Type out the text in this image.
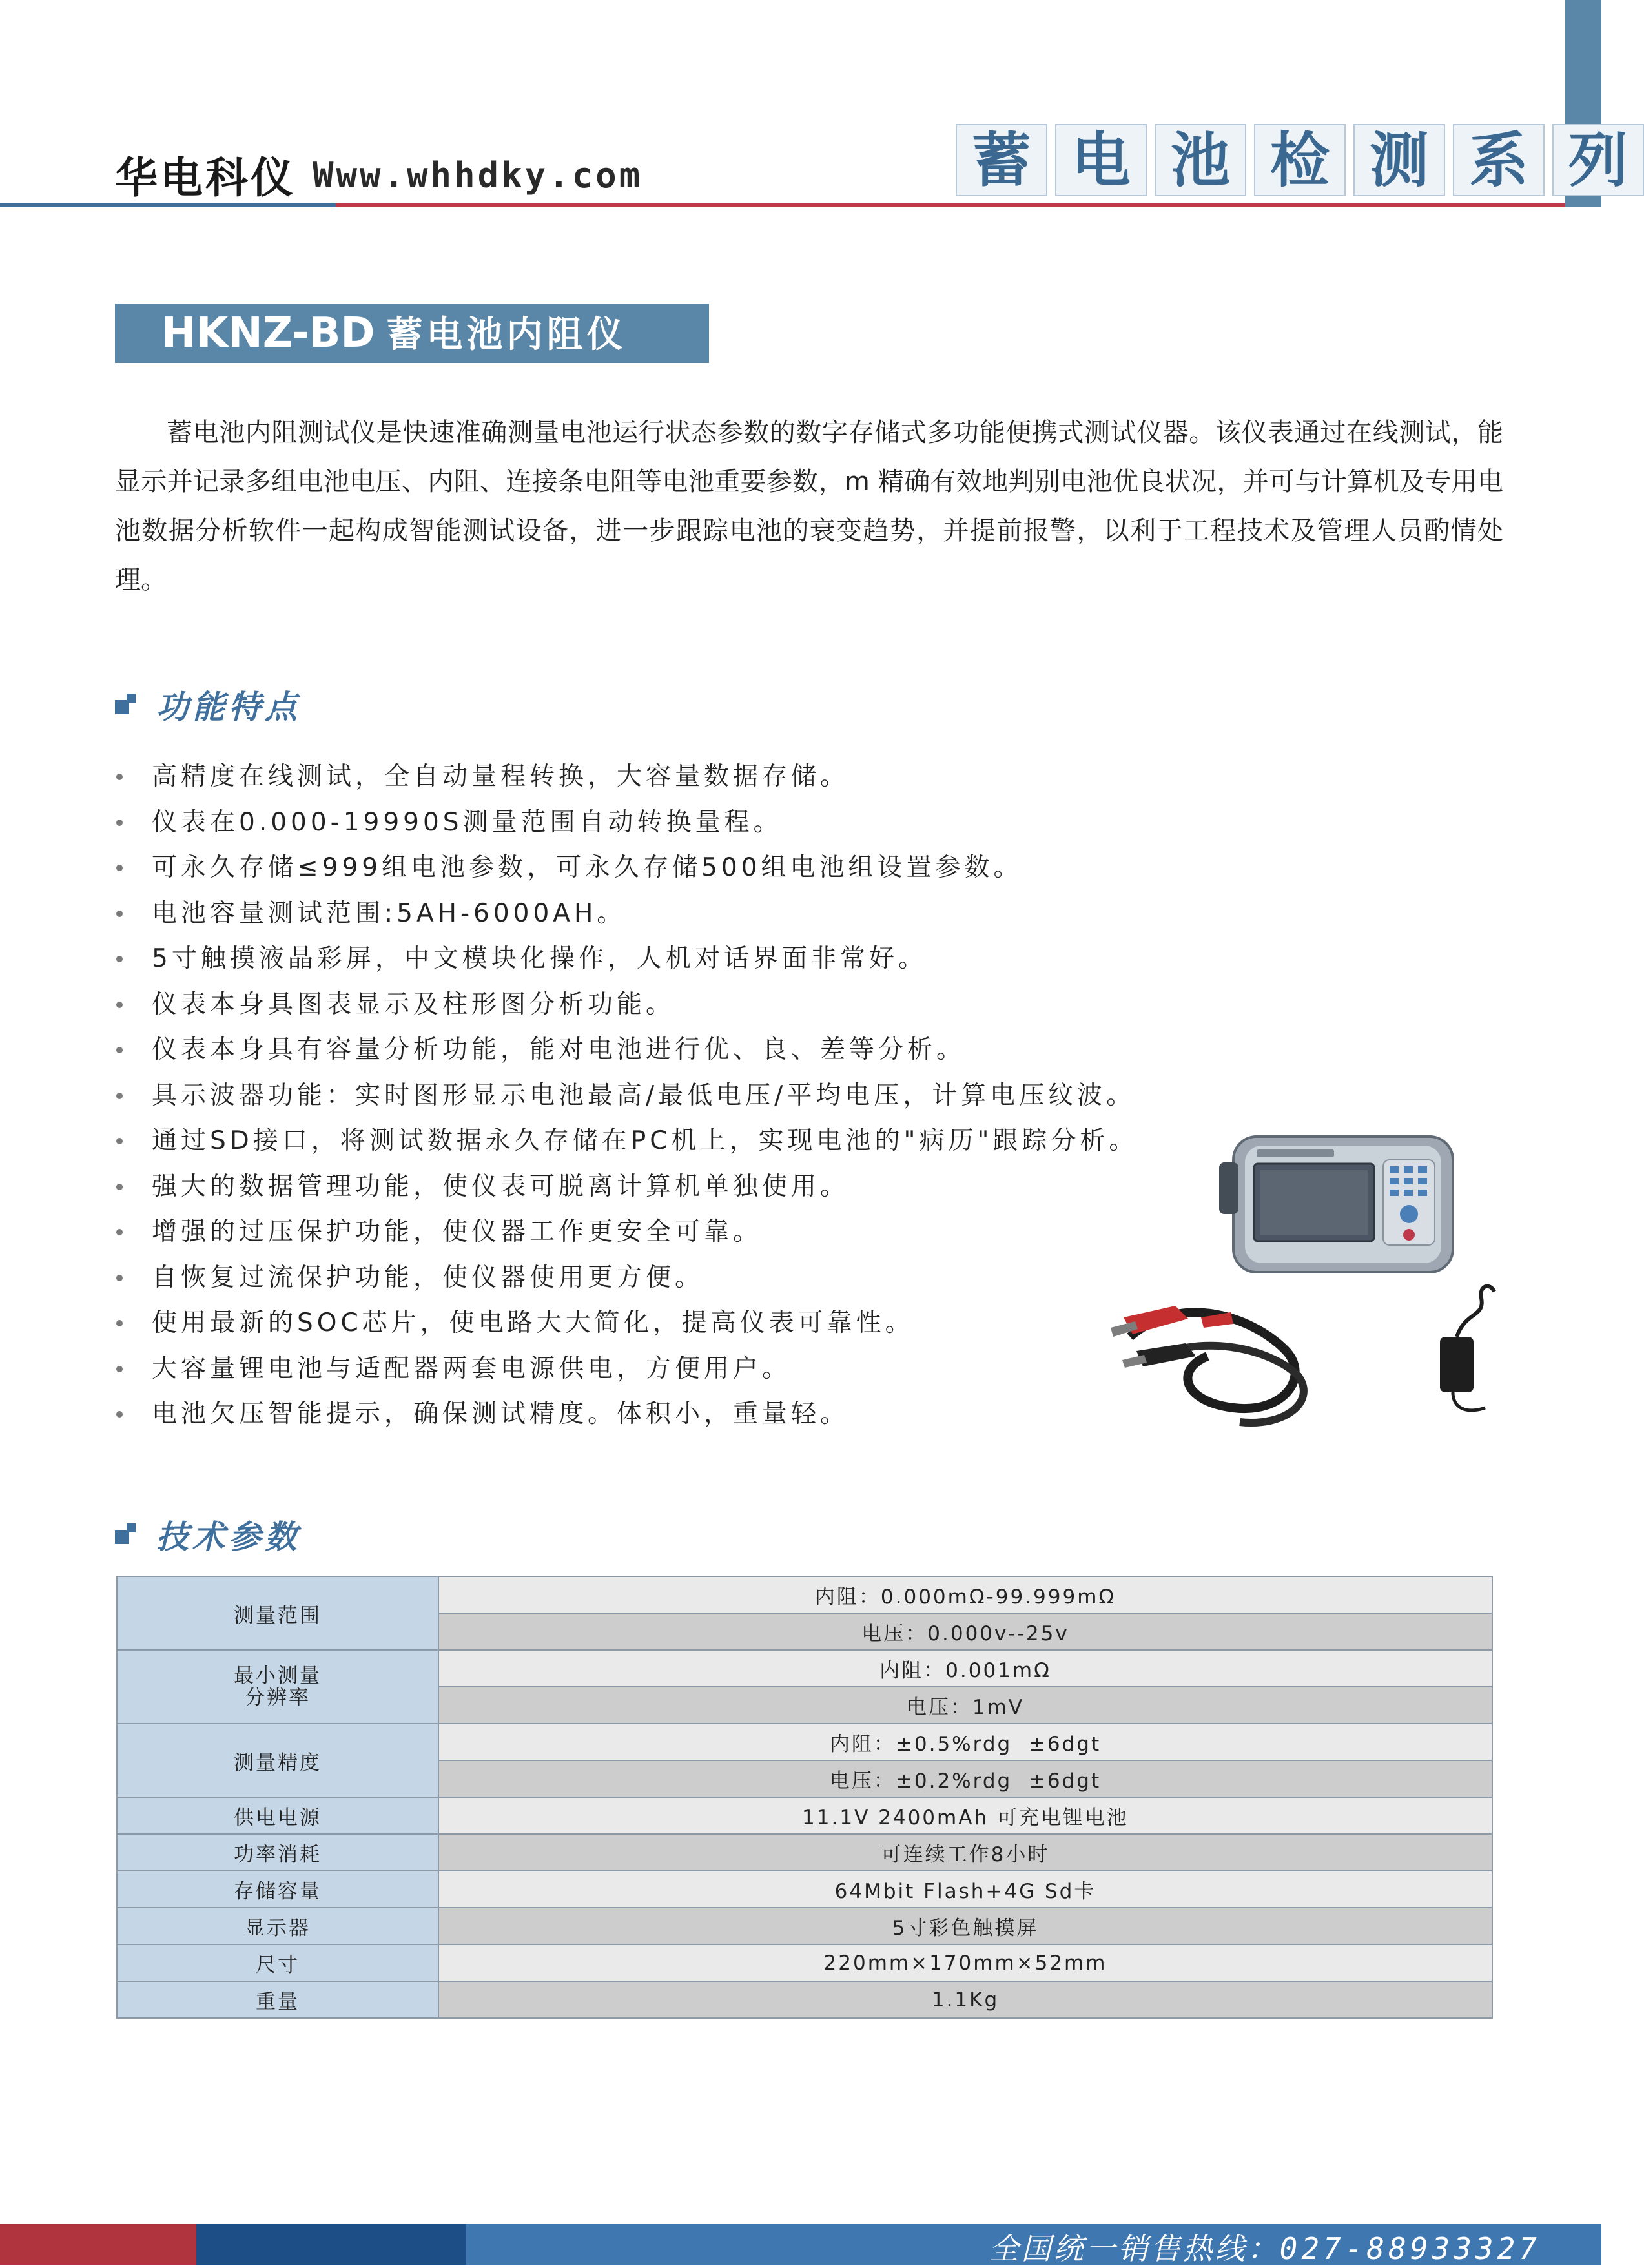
华电科仪 Www.whhdky.com	蓄 电 池 检 测 系 列
HKNZ-BD 蓄电池内阻仪
蓄电池内阻测试仪是快速准确测量电池运行状态参数的数字存储式多功能便携式测试仪器。该仪表通过在线测试，能显示并记录多组电池电压、内阻、连接条电阻等电池重要参数，m 精确有效地判别电池优良状况，并可与计算机及专用电池数据分析软件一起构成智能测试设备，进一步跟踪电池的衰变趋势，并提前报警，以利于工程技术及管理人员酌情处理。
功能特点
高精度在线测试，全自动量程转换，大容量数据存储。
仪表在0.000-19990S测量范围自动转换量程。
可永久存储≤999组电池参数，可永久存储500组电池组设置参数。
电池容量测试范围:5AH-6000AH。
5寸触摸液晶彩屏，中文模块化操作，人机对话界面非常好。
仪表本身具图表显示及柱形图分析功能。
仪表本身具有容量分析功能，能对电池进行优、良、差等分析。
具示波器功能：实时图形显示电池最高/最低电压/平均电压，计算电压纹波。
通过SD接口，将测试数据永久存储在PC机上，实现电池的"病历"跟踪分析。
强大的数据管理功能，使仪表可脱离计算机单独使用。
增强的过压保护功能，使仪器工作更安全可靠。
自恢复过流保护功能，使仪器使用更方便。
使用最新的SOC芯片，使电路大大简化，提高仪表可靠性。
大容量锂电池与适配器两套电源供电，方便用户。
电池欠压智能提示，确保测试精度。体积小，重量轻。
技术参数
测量范围	内阻：0.000mΩ-99.999mΩ
	电压：0.000v--25v

最小测量
分辨率	内阻：0.001mΩ
	电压：1mV
测量精度	内阻：±0.5%rdg  ±6dgt
	电压：±0.2%rdg  ±6dgt
供电电源	11.1V 2400mAh 可充电锂电池
功率消耗	可连续工作8小时
存储容量	64Mbit Flash+4G Sd卡
显示器	5寸彩色触摸屏
尺寸	220mm×170mm×52mm
重量	1.1Kg
全国统一销售热线：027-88933327
